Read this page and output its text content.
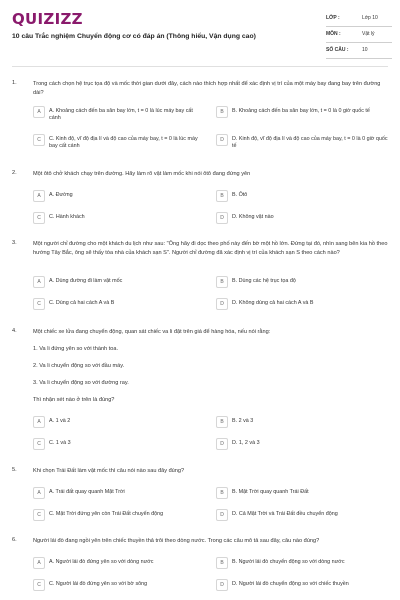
QUIZIZZ
10 câu Trắc nghiệm Chuyển động cơ có đáp án (Thông hiểu, Vận dụng cao)
LỚP :	Lớp 10
MÔN :	Vật lý
SỐ CÂU :	10
1.	Trong cách chọn hệ trục tọa độ và mốc thời gian dưới đây, cách nào thích hợp nhất để xác định vị trí của một máy bay đang bay trên đường dài?
A	A. Khoảng cách đến ba sân bay lớn, t = 0 là lúc máy bay cất cánh
B	B. Khoảng cách đến ba sân bay lớn, t = 0 là 0 giờ quốc tế
C	C. Kinh độ, vĩ độ địa lí và độ cao của máy bay, t = 0 là lúc máy bay cất cánh
D	D. Kinh độ, vĩ độ địa lí và độ cao của máy bay, t = 0 là 0 giờ quốc tế
2.	Một ôtô chở khách chạy trên đường. Hãy làm rõ vật làm mốc khi nói ôtô đang đứng yên
A	A. Đường	B	B. Ôtô
C	C. Hành khách	D	D. Không vật nào
3.	Một người chỉ đường cho một khách du lịch như sau: "Ông hãy đi dọc theo phố này đến bờ một hồ lớn. Đứng tại đó, nhìn sang bên kia hồ theo hướng Tây Bắc, ông sẽ thấy tòa nhà của khách sạn S". Người chỉ đường đã xác định vị trí của khách sạn S theo cách nào?
A	A. Dùng đường đi làm vật mốc	B	B. Dùng các hệ trục tọa độ
C	C. Dùng cả hai cách A và B	D	D. Không dùng cả hai cách A và B
4.	Một chiếc xe lửa đang chuyển động, quan sát chiếc va li đặt trên giá để hàng hóa, nếu nói rằng:
1. Va li đứng yên so với thành toa.
2. Va li chuyển động so với đầu máy.
3. Va li chuyển động so với đường ray.
Thì nhận xét nào ở trên là đúng?
A	A. 1 và 2	B	B. 2 và 3
C	C. 1 và 3	D	D. 1, 2 và 3
5.	Khi chọn Trái Đất làm vật mốc thì câu nói nào sau đây đúng?
A	A. Trái đất quay quanh Mặt Trời	B	B. Mặt Trời quay quanh Trái Đất
C	C. Mặt Trời đứng yên còn Trái Đất chuyển động	D	D. Cả Mặt Trời và Trái Đất đều chuyển động
6.	Người lái đò đang ngồi yên trên chiếc thuyền thả trôi theo dòng nước. Trong các câu mô tả sau đây, câu nào đúng?
A	A. Người lái đò đứng yên so với dòng nước	B	B. Người lái đò chuyển động so với dòng nước
C	C. Người lái đò đứng yên so với bờ sông	D	D. Người lái đò chuyển động so với chiếc thuyền
